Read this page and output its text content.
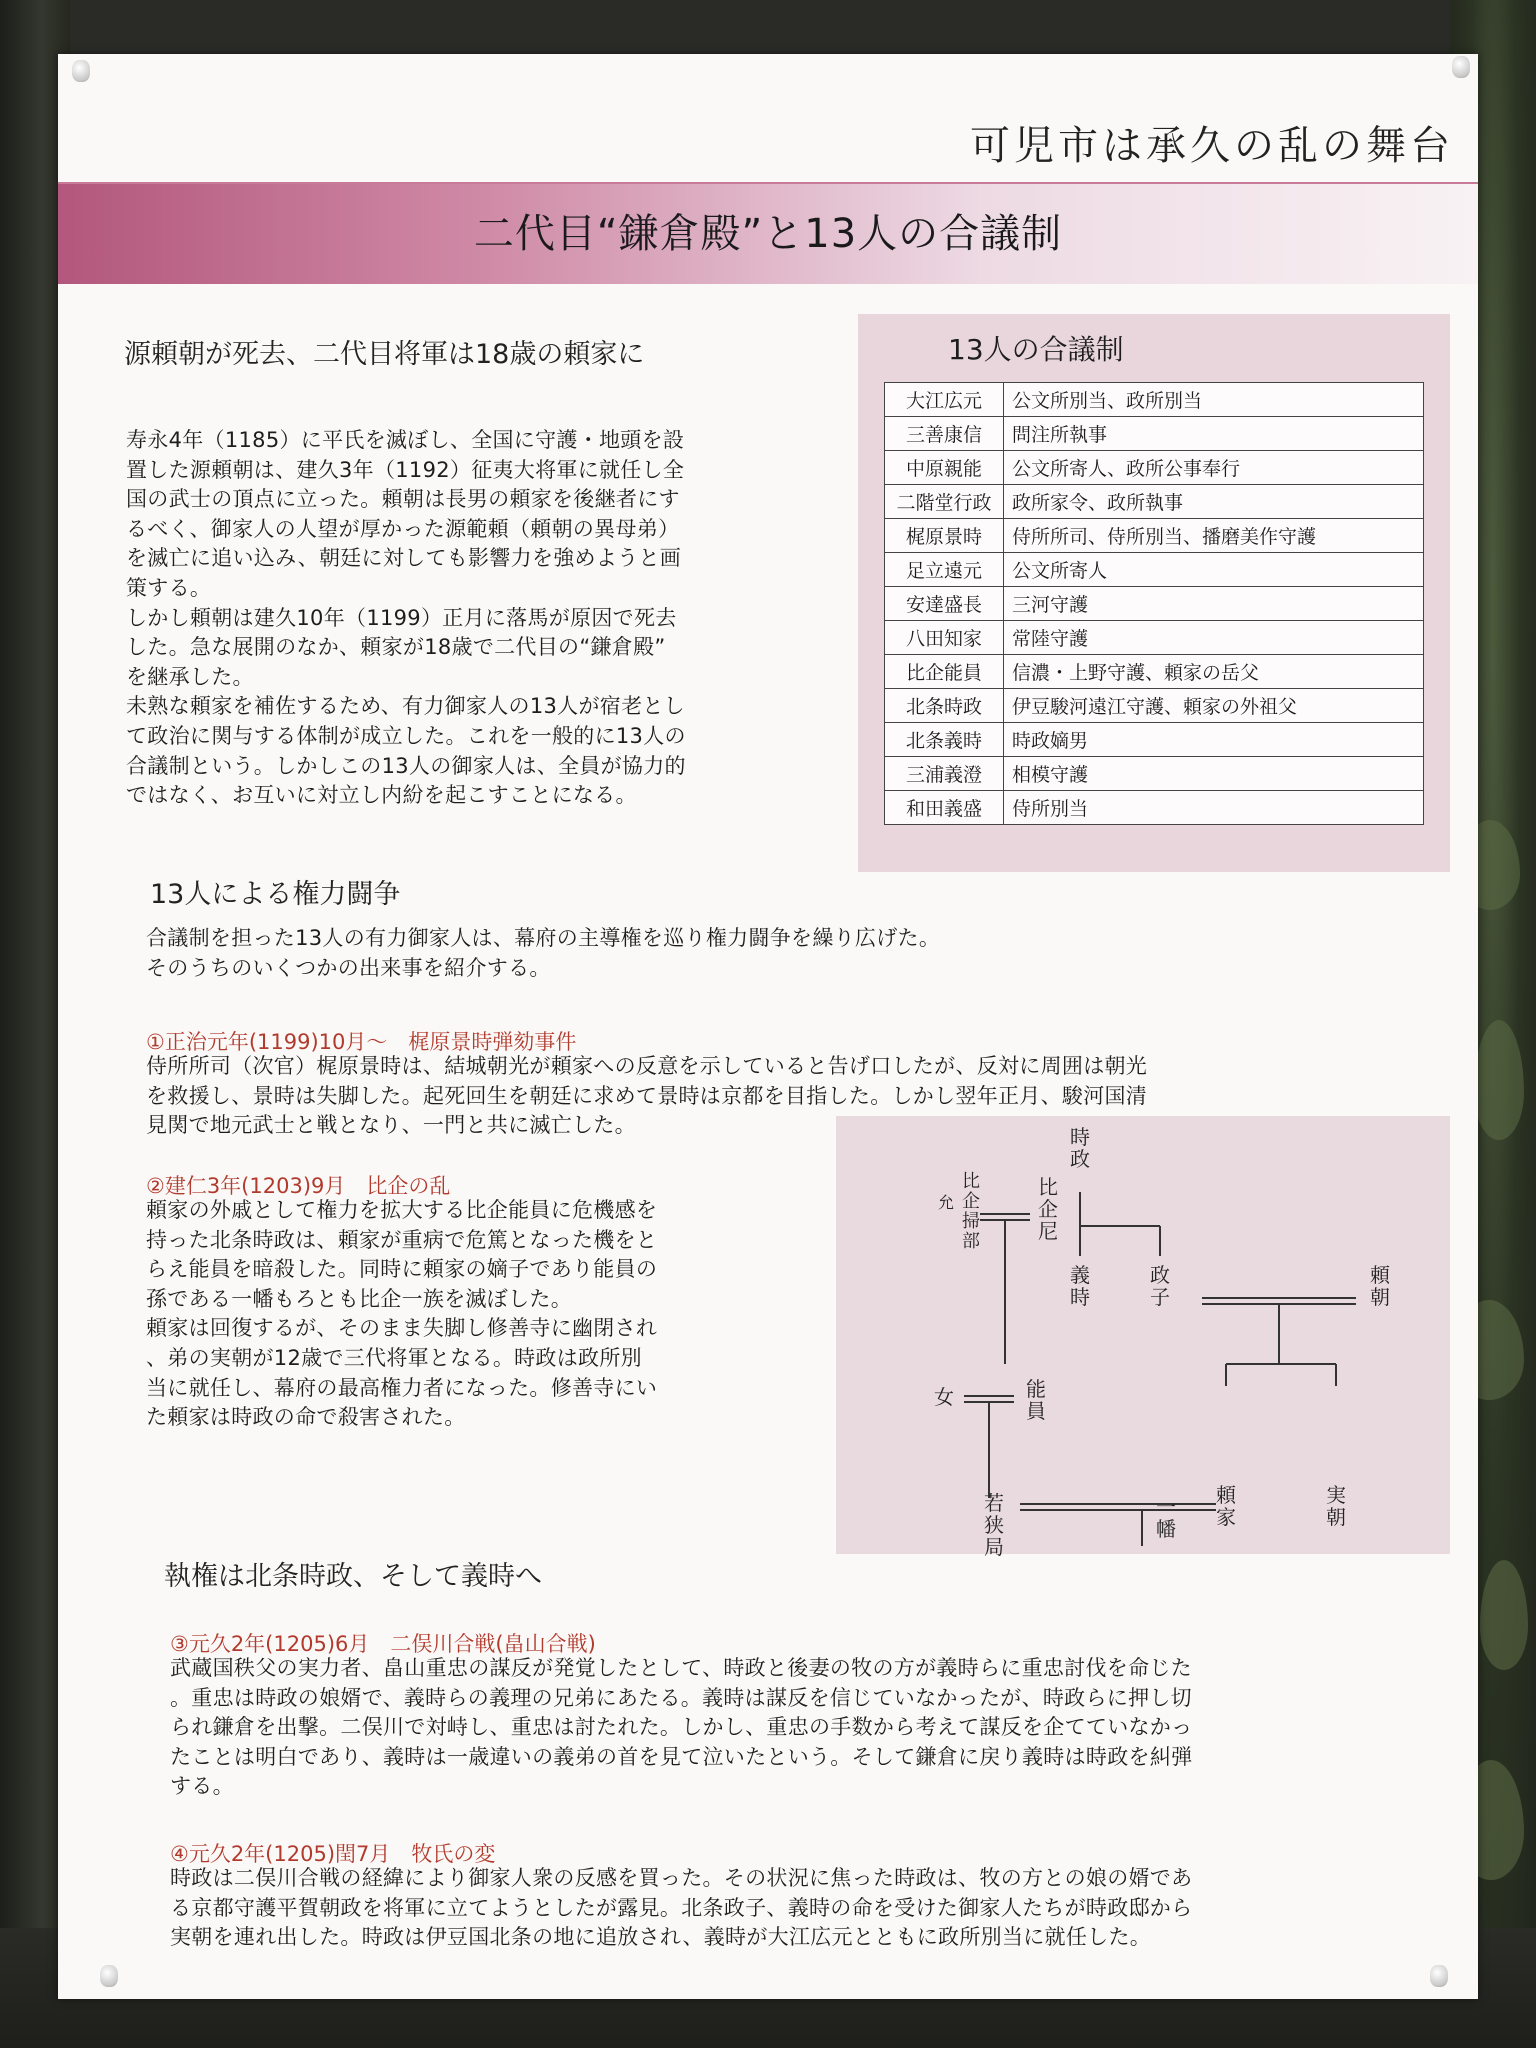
可児市は承久の乱の舞台
二代目“鎌倉殿”と13人の合議制
源頼朝が死去、二代目将軍は18歳の頼家に
寿永4年（1185）に平氏を滅ぼし、全国に守護・地頭を設
置した源頼朝は、建久3年（1192）征夷大将軍に就任し全
国の武士の頂点に立った。頼朝は長男の頼家を後継者にす
るべく、御家人の人望が厚かった源範頼（頼朝の異母弟）
を滅亡に追い込み、朝廷に対しても影響力を強めようと画
策する。
しかし頼朝は建久10年（1199）正月に落馬が原因で死去
した。急な展開のなか、頼家が18歳で二代目の“鎌倉殿”
を継承した。
未熟な頼家を補佐するため、有力御家人の13人が宿老とし
て政治に関与する体制が成立した。これを一般的に13人の
合議制という。しかしこの13人の御家人は、全員が協力的
ではなく、お互いに対立し内紛を起こすことになる。
13人の合議制
大江広元	公文所別当、政所別当
三善康信	問注所執事
中原親能	公文所寄人、政所公事奉行
二階堂行政	政所家令、政所執事
梶原景時	侍所所司、侍所別当、播磨美作守護
足立遠元	公文所寄人
安達盛長	三河守護
八田知家	常陸守護
比企能員	信濃・上野守護、頼家の岳父
北条時政	伊豆駿河遠江守護、頼家の外祖父
北条義時	時政嫡男
三浦義澄	相模守護
和田義盛	侍所別当
13人による権力闘争
合議制を担った13人の有力御家人は、幕府の主導権を巡り権力闘争を繰り広げた。
そのうちのいくつかの出来事を紹介する。
①正治元年(1199)10月～　梶原景時弾劾事件
侍所所司（次官）梶原景時は、結城朝光が頼家への反意を示していると告げ口したが、反対に周囲は朝光
を救援し、景時は失脚した。起死回生を朝廷に求めて景時は京都を目指した。しかし翌年正月、駿河国清
見関で地元武士と戦となり、一門と共に滅亡した。
②建仁3年(1203)9月　比企の乱
頼家の外戚として権力を拡大する比企能員に危機感を
持った北条時政は、頼家が重病で危篤となった機をと
らえ能員を暗殺した。同時に頼家の嫡子であり能員の
孫である一幡もろとも比企一族を滅ぼした。
頼家は回復するが、そのまま失脚し修善寺に幽閉され
、弟の実朝が12歳で三代将軍となる。時政は政所別
当に就任し、幕府の最高権力者になった。修善寺にい
た頼家は時政の命で殺害された。
時政
義時
政子
頼朝
比企掃部
允
比企尼
能員
女
若狭局
頼家
実朝
一幡
執権は北条時政、そして義時へ
③元久2年(1205)6月　二俣川合戦(畠山合戦)
武蔵国秩父の実力者、畠山重忠の謀反が発覚したとして、時政と後妻の牧の方が義時らに重忠討伐を命じた
。重忠は時政の娘婿で、義時らの義理の兄弟にあたる。義時は謀反を信じていなかったが、時政らに押し切
られ鎌倉を出撃。二俣川で対峙し、重忠は討たれた。しかし、重忠の手数から考えて謀反を企てていなかっ
たことは明白であり、義時は一歳違いの義弟の首を見て泣いたという。そして鎌倉に戻り義時は時政を糾弾
する。
④元久2年(1205)閏7月　牧氏の変
時政は二俣川合戦の経緯により御家人衆の反感を買った。その状況に焦った時政は、牧の方との娘の婿であ
る京都守護平賀朝政を将軍に立てようとしたが露見。北条政子、義時の命を受けた御家人たちが時政邸から
実朝を連れ出した。時政は伊豆国北条の地に追放され、義時が大江広元とともに政所別当に就任した。
